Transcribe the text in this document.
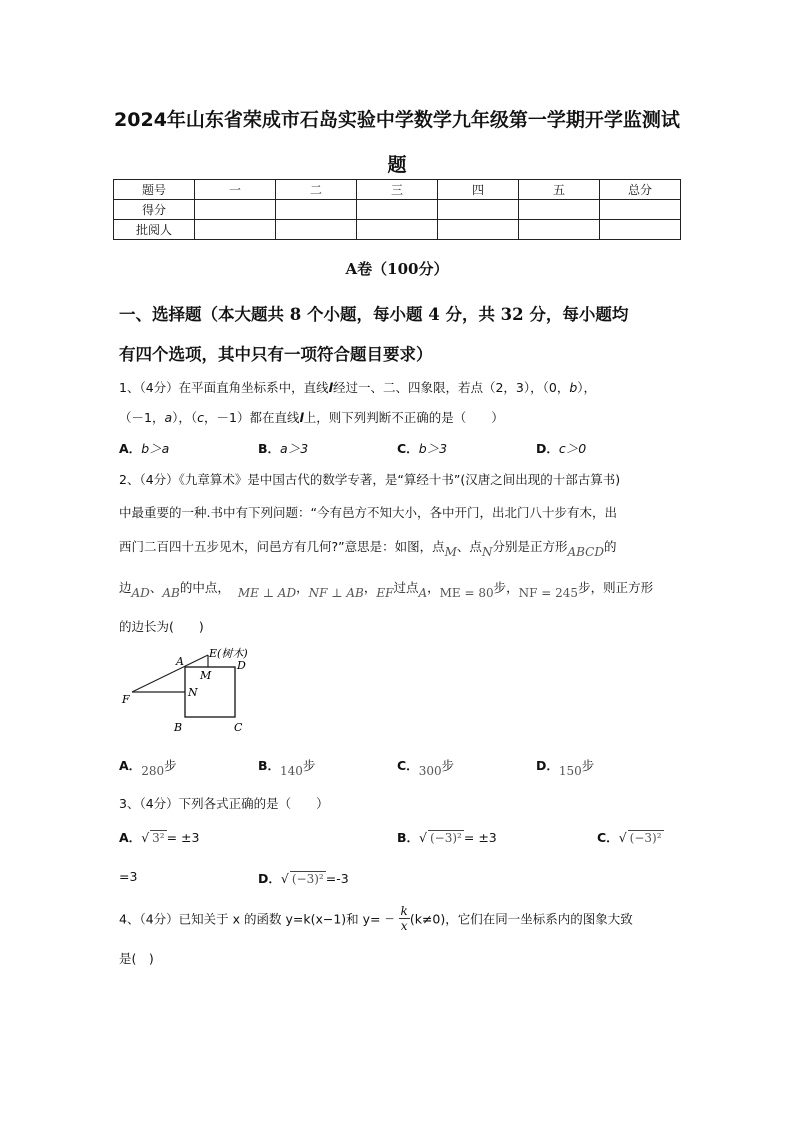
2024年山东省荣成市石岛实验中学数学九年级第一学期开学监测试
题
题号	一	二	三	四	五	总分
得分						
批阅人						
A卷（100分）
一、选择题（本大题共 8 个小题，每小题 4 分，共 32 分，每小题均
有四个选项，其中只有一项符合题目要求）
1、（4分）在平面直角坐标系中，直线l经过一、二、四象限，若点（2，3），（0，b），
（－1，a），（c，－1）都在直线l上，则下列判断不正确的是（　　）
A．b＞a	B．a＞3	C．b＞3	D．c＞0
2、（4分）《九章算术》是中国古代的数学专著，是“算经十书”(汉唐之间出现的十部古算书)
中最重要的一种.书中有下列问题：“今有邑方不知大小，各中开门，出北门八十步有木，出
西门二百四十五步见木，问邑方有几何?”意思是：如图，点M、点N分别是正方形ABCD的
边AD、AB的中点， ME ⊥ AD，NF ⊥ AB，EF过点A，ME = 80步，NF = 245步，则正方形
的边长为(　　)
A
E(树木)
D
M
F
N
B	C
A．280步	B．140步	C．300步	D．150步
3、（4分）下列各式正确的是（　　）
A．√ 3² = ±3	B．√ (−3)² = ±3	C．√ (−3)²
=3	D．√ (−3)² =-3
4、（4分）已知关于 x 的函数 y=k(x−1)和 $y= - \frac{k}{x} (k\ne 0)$，它们在同一坐标系内的图象大致
是(　)
